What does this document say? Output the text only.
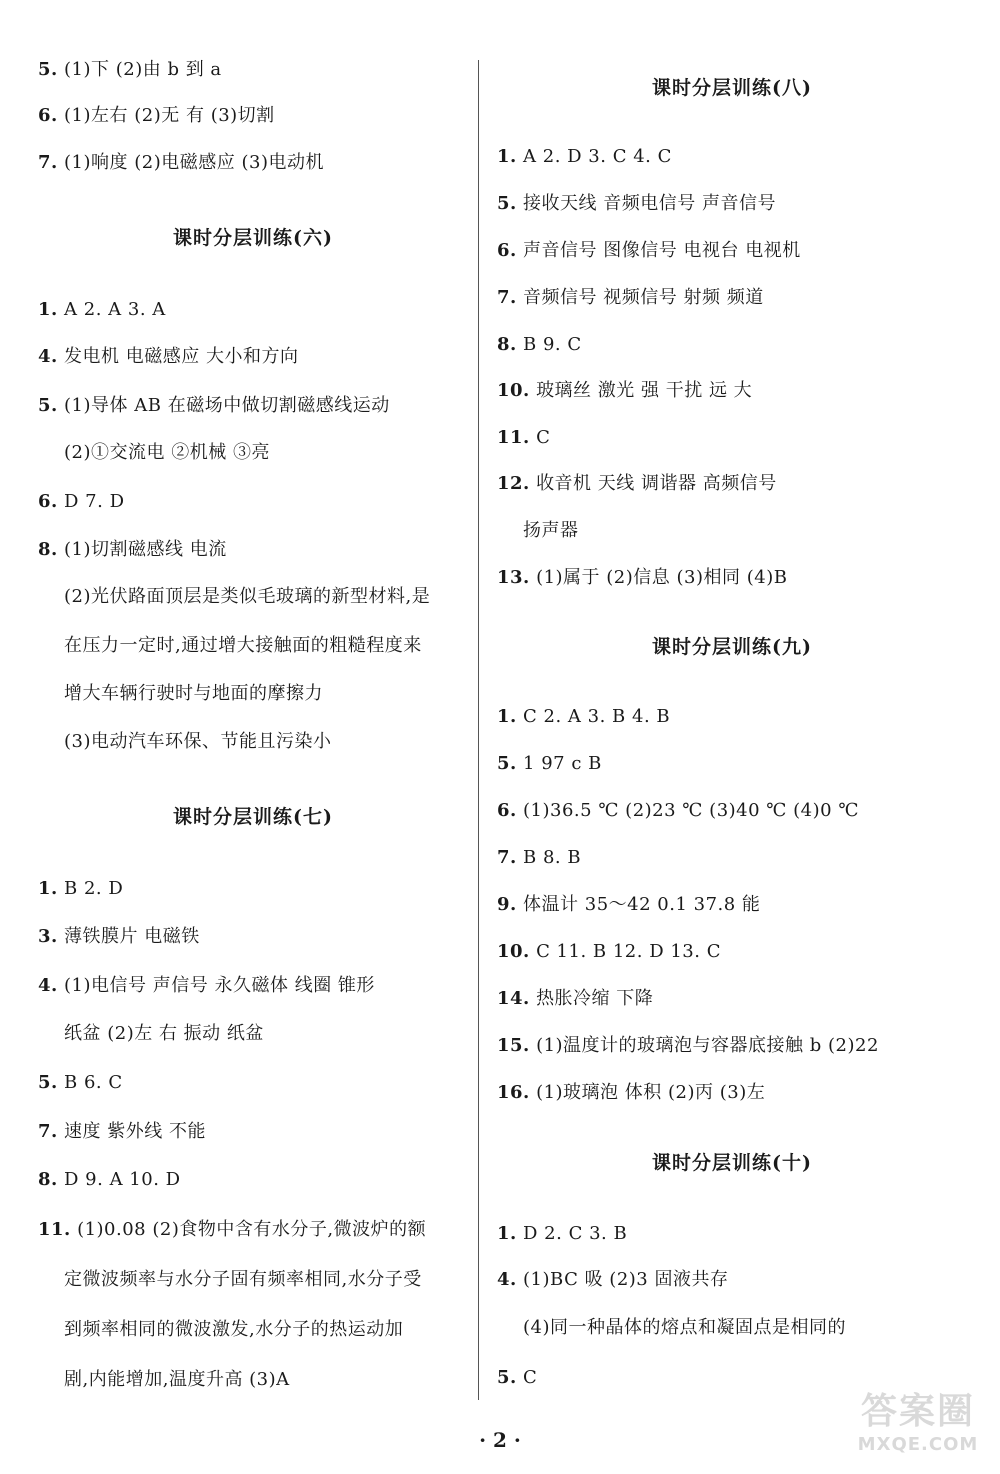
5. (1)下 (2)由 b 到 a
6. (1)左右 (2)无 有 (3)切割
7. (1)响度 (2)电磁感应 (3)电动机
课时分层训练(六)
1. A 2. A 3. A
4. 发电机 电磁感应 大小和方向
5. (1)导体 AB 在磁场中做切割磁感线运动
(2)①交流电 ②机械 ③亮
6. D 7. D
8. (1)切割磁感线 电流
(2)光伏路面顶层是类似毛玻璃的新型材料,是
在压力一定时,通过增大接触面的粗糙程度来
增大车辆行驶时与地面的摩擦力
(3)电动汽车环保、节能且污染小
课时分层训练(七)
1. B 2. D
3. 薄铁膜片 电磁铁
4. (1)电信号 声信号 永久磁体 线圈 锥形
纸盆 (2)左 右 振动 纸盆
5. B 6. C
7. 速度 紫外线 不能
8. D 9. A 10. D
11. (1)0.08 (2)食物中含有水分子,微波炉的额
定微波频率与水分子固有频率相同,水分子受
到频率相同的微波激发,水分子的热运动加
剧,内能增加,温度升高 (3)A
课时分层训练(八)
1. A 2. D 3. C 4. C
5. 接收天线 音频电信号 声音信号
6. 声音信号 图像信号 电视台 电视机
7. 音频信号 视频信号 射频 频道
8. B 9. C
10. 玻璃丝 激光 强 干扰 远 大
11. C
12. 收音机 天线 调谐器 高频信号
扬声器
13. (1)属于 (2)信息 (3)相同 (4)B
课时分层训练(九)
1. C 2. A 3. B 4. B
5. 1 97 c B
6. (1)36.5 ℃ (2)23 ℃ (3)40 ℃ (4)0 ℃
7. B 8. B
9. 体温计 35～42 0.1 37.8 能
10. C 11. B 12. D 13. C
14. 热胀冷缩 下降
15. (1)温度计的玻璃泡与容器底接触 b (2)22
16. (1)玻璃泡 体积 (2)丙 (3)左
课时分层训练(十)
1. D 2. C 3. B
4. (1)BC 吸 (2)3 固液共存
(4)同一种晶体的熔点和凝固点是相同的
5. C
· 2 ·
答案圈
MXQE.COM
